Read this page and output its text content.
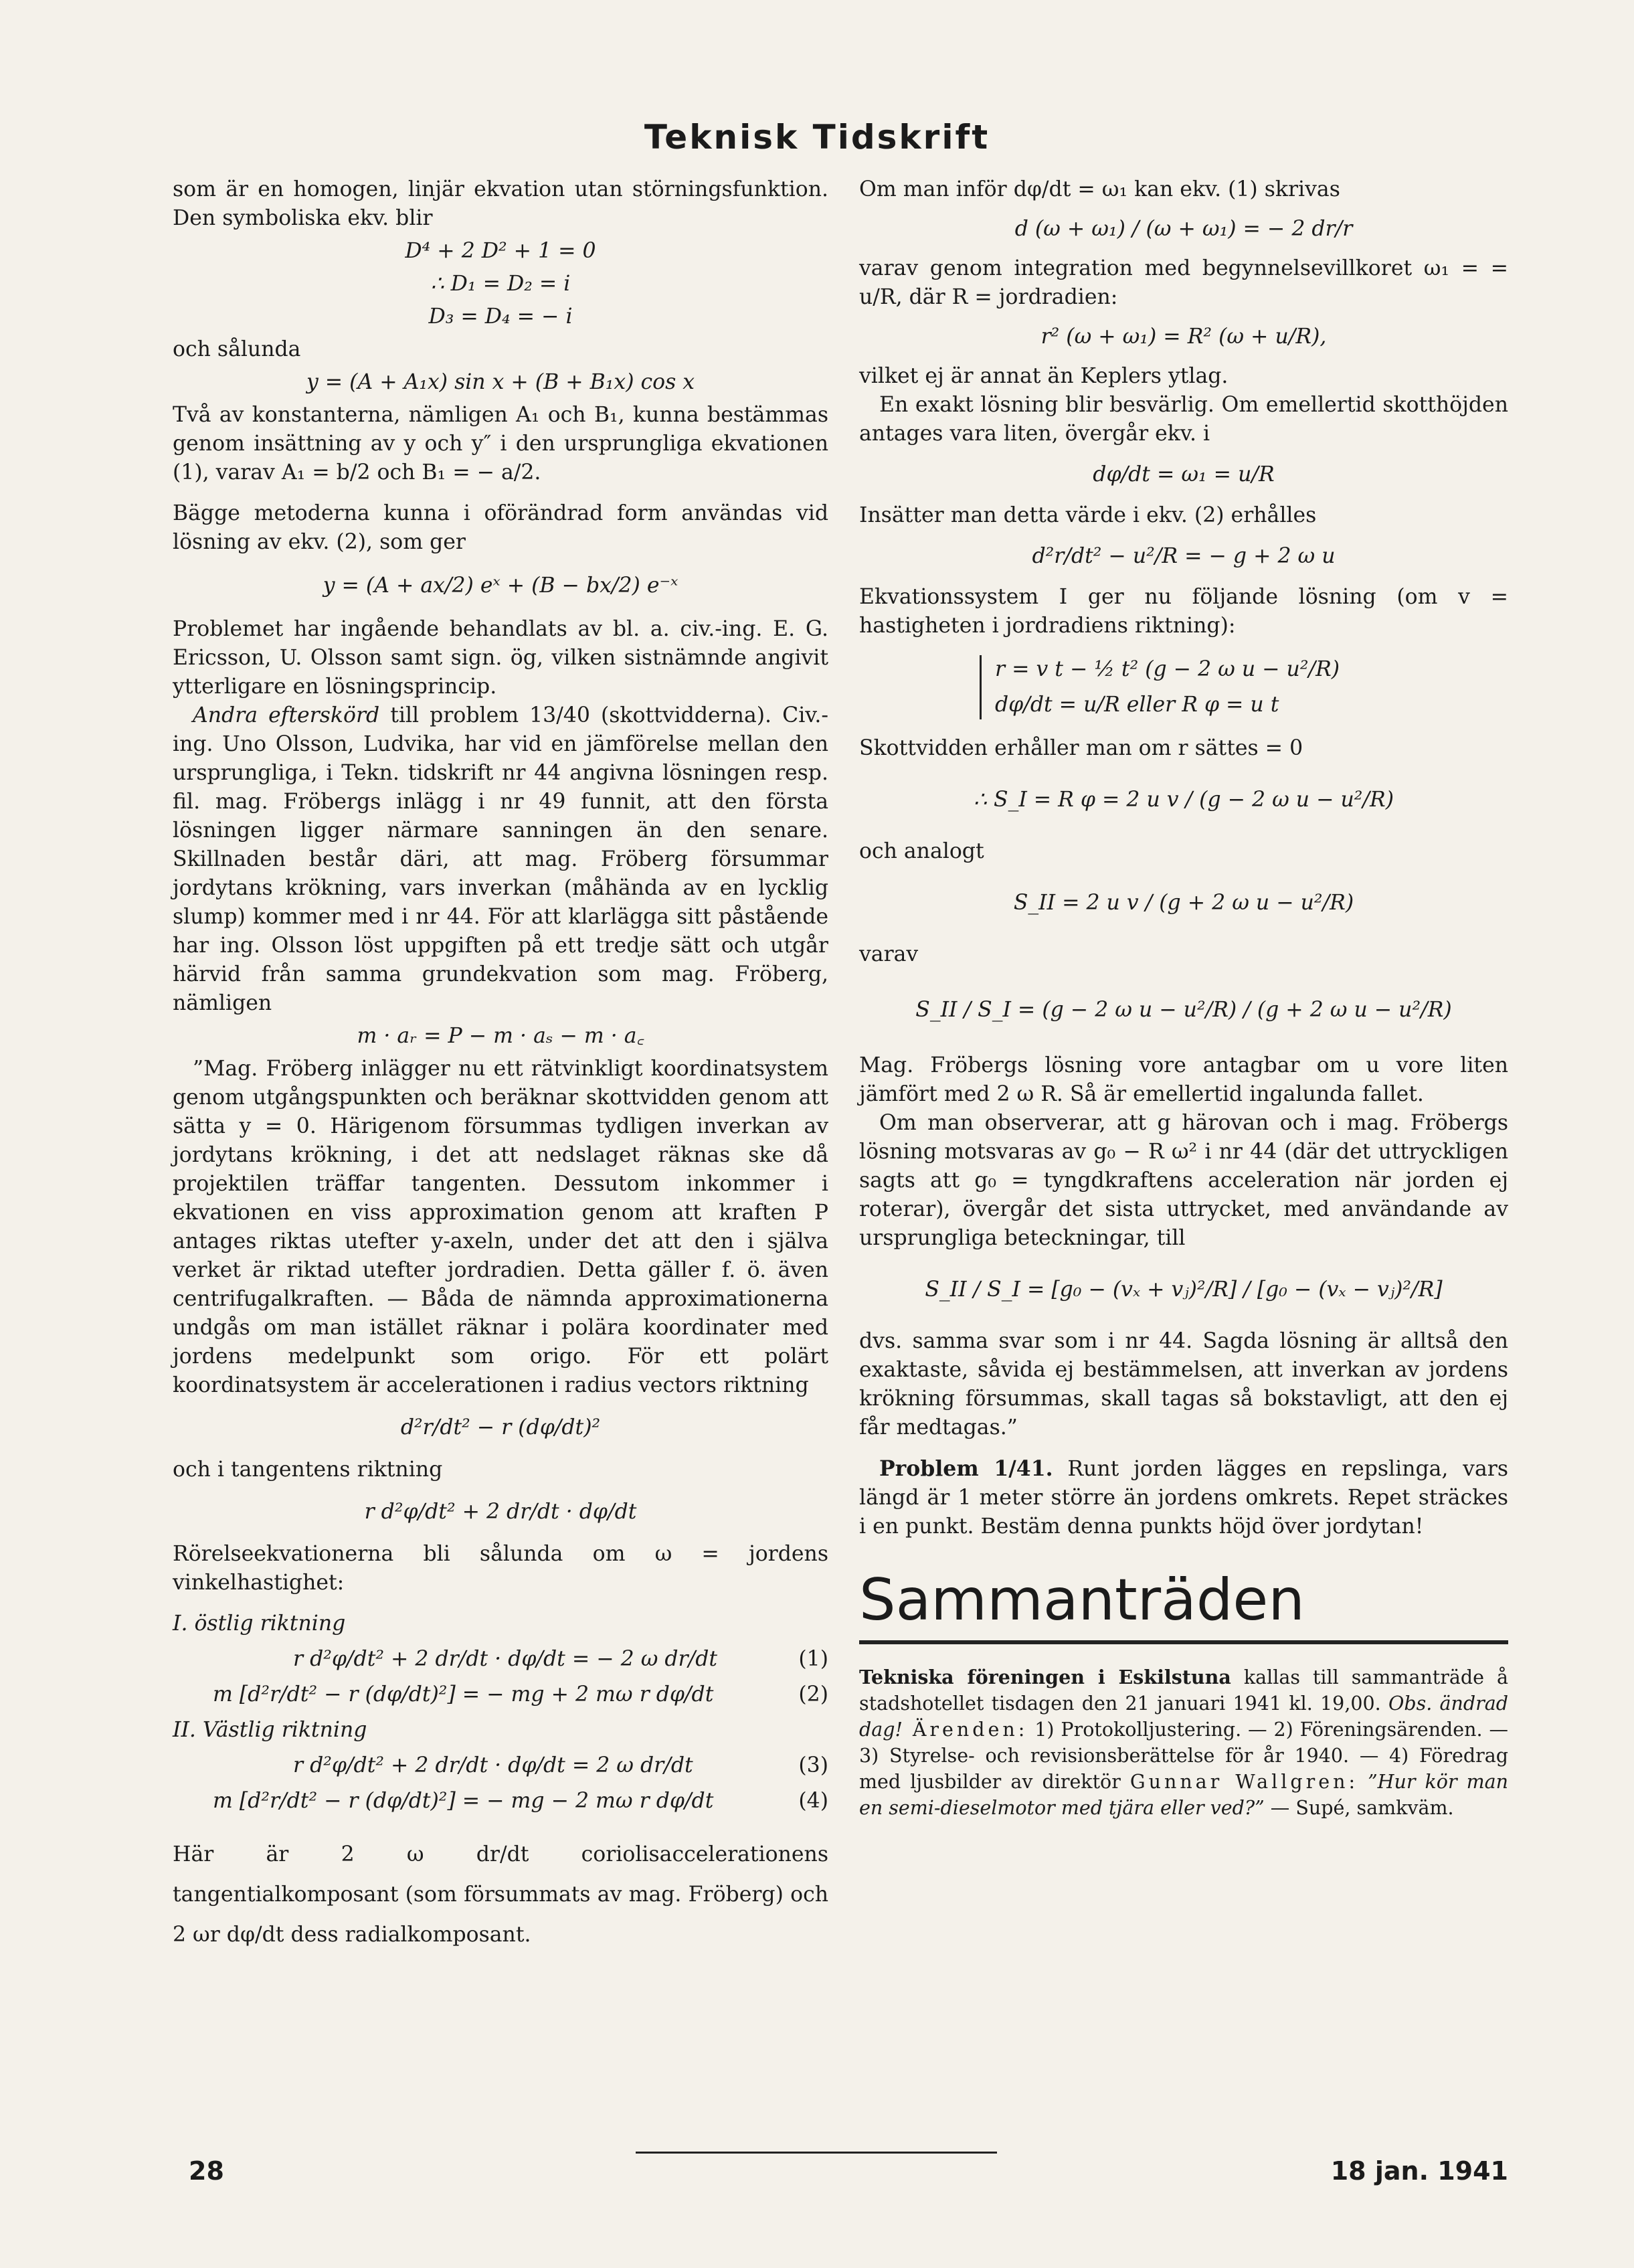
Teknisk Tidskrift

som är en homogen, linjär ekvation utan störningsfunktion. Den symboliska ekv. blir

D⁴ + 2 D² + 1 = 0
∴ D₁ = D₂ = i
D₃ = D₄ = − i

och sålunda

y = (A + A₁x) sin x + (B + B₁x) cos x

Två av konstanterna, nämligen A₁ och B₁, kunna bestämmas genom insättning av y och y″ i den ursprungliga ekvationen (1), varav A₁ = b/2 och B₁ = − a/2.

Bägge metoderna kunna i oförändrad form användas vid lösning av ekv. (2), som ger

y = (A + ax/2) eˣ + (B − bx/2) e⁻ˣ

Problemet har ingående behandlats av bl. a. civ.-ing. E. G. Ericsson, U. Olsson samt sign. ög, vilken sistnämnde angivit ytterligare en lösningsprincip.

Andra efterskörd till problem 13/40 (skottvidderna). Civ.-ing. Uno Olsson, Ludvika, har vid en jämförelse mellan den ursprungliga, i Tekn. tidskrift nr 44 angivna lösningen resp. fil. mag. Fröbergs inlägg i nr 49 funnit, att den första lösningen ligger närmare sanningen än den senare. Skillnaden består däri, att mag. Fröberg försummar jordytans krökning, vars inverkan (måhända av en lycklig slump) kommer med i nr 44. För att klarlägga sitt påstående har ing. Olsson löst uppgiften på ett tredje sätt och utgår härvid från samma grundekvation som mag. Fröberg, nämligen

m · aᵣ = P − m · aₛ − m · a꜀

”Mag. Fröberg inlägger nu ett rätvinkligt koordinatsystem genom utgångspunkten och beräknar skottvidden genom att sätta y = 0. Härigenom försummas tydligen inverkan av jordytans krökning, i det att nedslaget räknas ske då projektilen träffar tangenten. Dessutom inkommer i ekvationen en viss approximation genom att kraften P antages riktas utefter y-axeln, under det att den i själva verket är riktad utefter jordradien. Detta gäller f. ö. även centrifugalkraften. — Båda de nämnda approximationerna undgås om man istället räknar i polära koordinater med jordens medelpunkt som origo. För ett polärt koordinatsystem är accelerationen i radius vectors riktning

d²r/dt² − r (dφ/dt)²

och i tangentens riktning

r d²φ/dt² + 2 dr/dt · dφ/dt

Rörelseekvationerna bli sålunda om ω = jordens vinkelhastighet:

I. östlig riktning

r d²φ/dt² + 2 dr/dt · dφ/dt = − 2 ω dr/dt	(1)
m [d²r/dt² − r (dφ/dt)²] = − mg + 2 mω r dφ/dt	(2)

II. Västlig riktning

r d²φ/dt² + 2 dr/dt · dφ/dt = 2 ω dr/dt	(3)
m [d²r/dt² − r (dφ/dt)²] = − mg − 2 mω r dφ/dt	(4)

Här är 2 ω dr/dt coriolisaccelerationens tangentialkomposant (som försummats av mag. Fröberg) och 2 ωr dφ/dt dess radialkomposant.

Om man inför dφ/dt = ω₁ kan ekv. (1) skrivas

d (ω + ω₁) / (ω + ω₁) = − 2 dr/r

varav genom integration med begynnelsevillkoret ω₁ = = u/R, där R = jordradien:

r² (ω + ω₁) = R² (ω + u/R),

vilket ej är annat än Keplers ytlag.

En exakt lösning blir besvärlig. Om emellertid skotthöjden antages vara liten, övergår ekv. i

dφ/dt = ω₁ = u/R

Insätter man detta värde i ekv. (2) erhålles

d²r/dt² − u²/R = − g + 2 ω u

Ekvationssystem I ger nu följande lösning (om v = hastigheten i jordradiens riktning):

r = v t − ½ t² (g − 2 ω u − u²/R)
dφ/dt = u/R eller R φ = u t

Skottvidden erhåller man om r sättes = 0

∴ S_I = R φ = 2 u v / (g − 2 ω u − u²/R)

och analogt

S_II = 2 u v / (g + 2 ω u − u²/R)

varav

S_II / S_I = (g − 2 ω u − u²/R) / (g + 2 ω u − u²/R)

Mag. Fröbergs lösning vore antagbar om u vore liten jämfört med 2 ω R. Så är emellertid ingalunda fallet.

Om man observerar, att g härovan och i mag. Fröbergs lösning motsvaras av g₀ − R ω² i nr 44 (där det uttryckligen sagts att g₀ = tyngdkraftens acceleration när jorden ej roterar), övergår det sista uttrycket, med användande av ursprungliga beteckningar, till

S_II / S_I = [g₀ − (vₓ + vⱼ)²/R] / [g₀ − (vₓ − vⱼ)²/R]

dvs. samma svar som i nr 44. Sagda lösning är alltså den exaktaste, såvida ej bestämmelsen, att inverkan av jordens krökning försummas, skall tagas så bokstavligt, att den ej får medtagas.”

Problem 1/41. Runt jorden lägges en repslinga, vars längd är 1 meter större än jordens omkrets. Repet sträckes i en punkt. Bestäm denna punkts höjd över jordytan!

Sammanträden

Tekniska föreningen i Eskilstuna kallas till sammanträde å stadshotellet tisdagen den 21 januari 1941 kl. 19,00. Obs. ändrad dag! Ärenden: 1) Protokolljustering. — 2) Föreningsärenden. — 3) Styrelse- och revisionsberättelse för år 1940. — 4) Föredrag med ljusbilder av direktör Gunnar Wallgren: ”Hur kör man en semi-dieselmotor med tjära eller ved?” — Supé, samkväm.

28	18 jan. 1941
